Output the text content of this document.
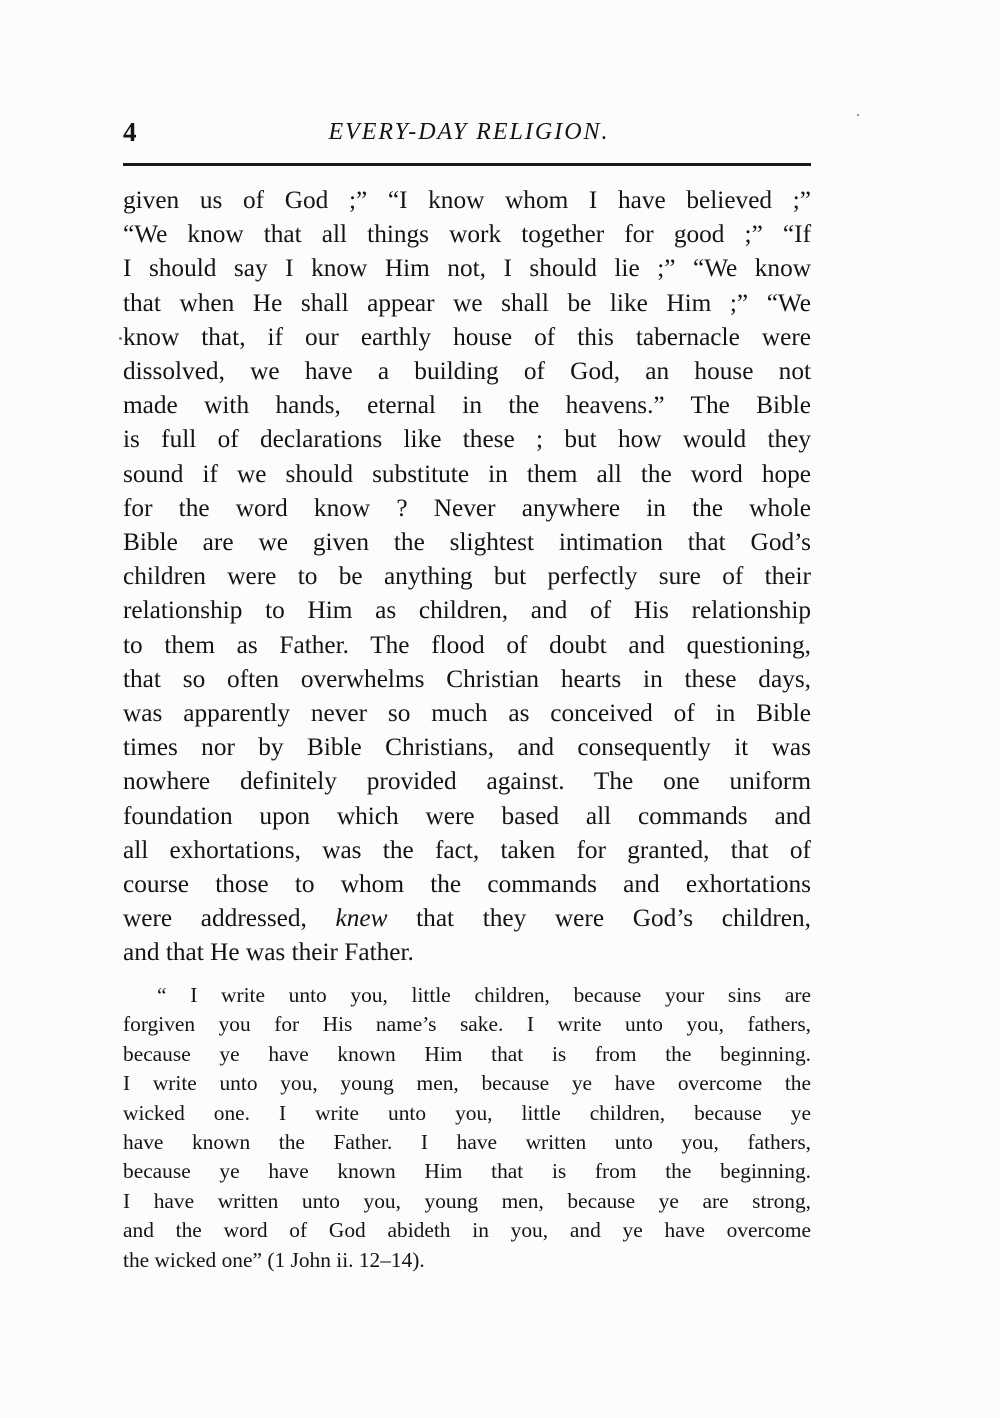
4	EVERY-DAY RELIGION.
given us of God ;” “I know whom I have believed ;”
“We know that all things work together for good ;” “If
I should say I know Him not, I should lie ;” “We know
that when He shall appear we shall be like Him ;” “We
know that, if our earthly house of this tabernacle were
dissolved, we have a building of God, an house not
made with hands, eternal in the heavens.” The Bible
is full of declarations like these ; but how would they
sound if we should substitute in them all the word hope
for the word know ? Never anywhere in the whole
Bible are we given the slightest intimation that God’s
children were to be anything but perfectly sure of their
relationship to Him as children, and of His relationship
to them as Father. The flood of doubt and questioning,
that so often overwhelms Christian hearts in these days,
was apparently never so much as conceived of in Bible
times nor by Bible Christians, and consequently it was
nowhere definitely provided against. The one uniform
foundation upon which were based all commands and
all exhortations, was the fact, taken for granted, that of
course those to whom the commands and exhortations
were addressed, knew that they were God’s children,
and that He was their Father.
“ I write unto you, little children, because your sins are
forgiven you for His name’s sake. I write unto you, fathers,
because ye have known Him that is from the beginning.
I write unto you, young men, because ye have overcome the
wicked one. I write unto you, little children, because ye
have known the Father. I have written unto you, fathers,
because ye have known Him that is from the beginning.
I have written unto you, young men, because ye are strong,
and the word of God abideth in you, and ye have overcome
the wicked one” (1 John ii. 12–14).
